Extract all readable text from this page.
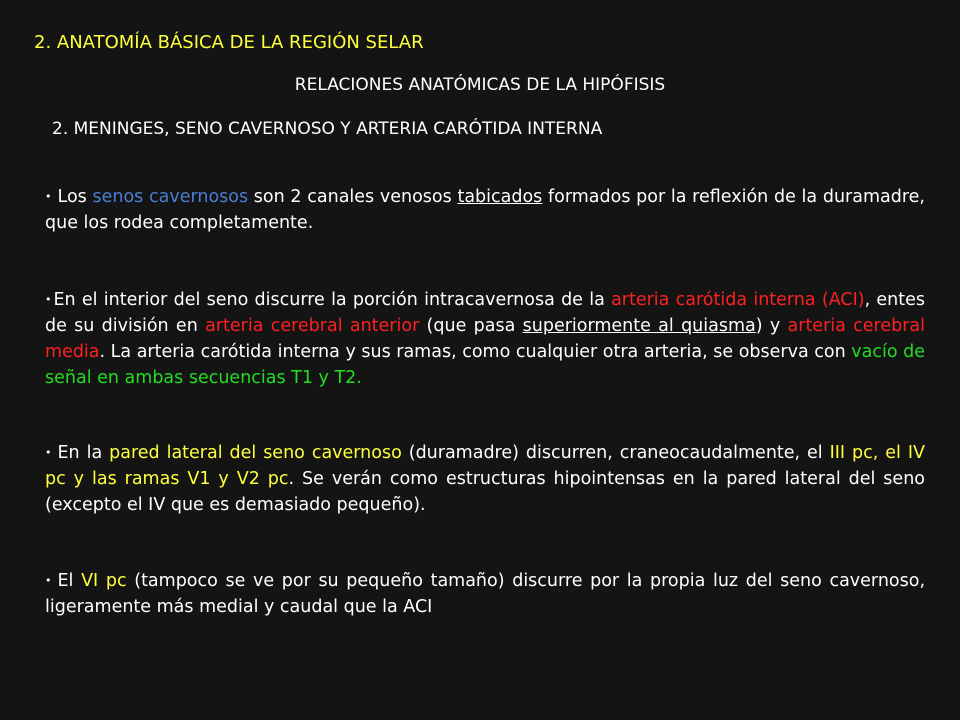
2. ANATOMÍA BÁSICA DE LA REGIÓN SELAR
RELACIONES ANATÓMICAS DE LA HIPÓFISIS
2. MENINGES, SENO CAVERNOSO Y ARTERIA CARÓTIDA INTERNA
• Los senos cavernosos son 2 canales venosos tabicados formados por la reflexión de la duramadre, que los rodea completamente.
• En el interior del seno discurre la porción intracavernosa de la arteria carótida interna (ACI), entes de su división en arteria cerebral anterior (que pasa superiormente al quiasma) y arteria cerebral media. La arteria carótida interna y sus ramas, como cualquier otra arteria, se observa con vacío de señal en ambas secuencias T1 y T2.
• En la pared lateral del seno cavernoso (duramadre) discurren, craneocaudalmente, el III pc, el IV pc y las ramas V1 y V2 pc. Se verán como estructuras hipointensas en la pared lateral del seno (excepto el IV que es demasiado pequeño).
• El VI pc (tampoco se ve por su pequeño tamaño) discurre por la propia luz del seno cavernoso, ligeramente más medial y caudal que la ACI
